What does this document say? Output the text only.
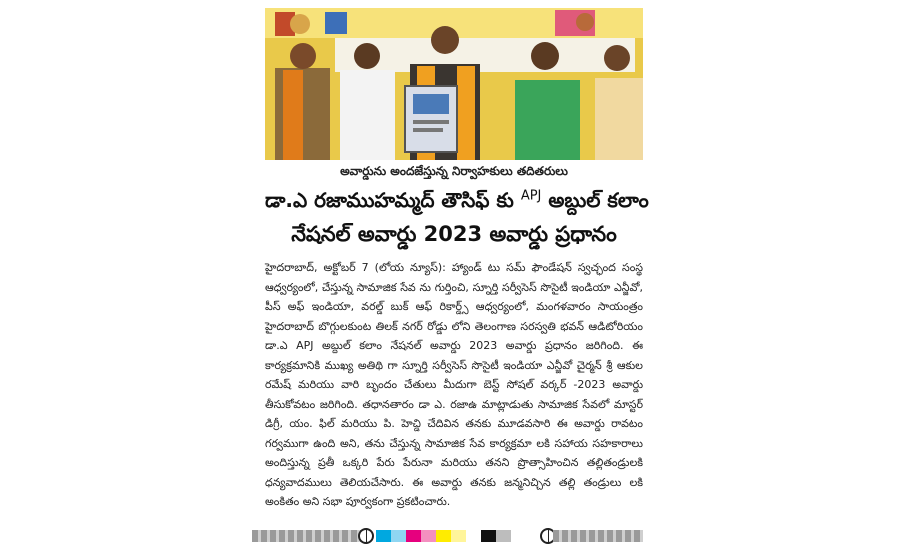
అవార్డును అందజేస్తున్న నిర్వాహకులు తదితరులు
డా.ఎ రజాముహమ్మద్ తౌసిఫ్ కు $^{APJ}$ అబ్దుల్ కలాం
నేషనల్ అవార్డు 2023 అవార్డు ప్రధానం
హైదరాబాద్, అక్టోబర్ 7 (లోయ న్యూస్): హ్యాండ్ టు సమ్ ఫౌండేషన్ స్వచ్ఛంద సంస్థ ఆధ్వర్యంలో, చేస్తున్న సామాజిక సేవ ను గుర్తించి, స్నూర్తి సర్వీసెస్ సొసైటీ ఇండియా ఎన్జీవో, పీస్ అఫ్ ఇండియా, వరల్డ్ బుక్ ఆఫ్ రికార్డ్స్ ఆధ్వర్యంలో, మంగళవారం సాయంత్రం హైదరాబాద్ బొగ్గులకుంట తిలక్ నగర్ రోడ్డు లోని తెలంగాణ సరస్వతి భవన్ ఆడిటోరియం డా.ఎ APJ అబ్దుల్ కలాం నేషనల్ అవార్డు 2023 అవార్డు ప్రధానం జరిగింది. ఈ కార్యక్రమానికి ముఖ్య అతిథి గా స్నూర్తి సర్వీసెస్ సొసైటీ ఇండియా ఎన్జీవో చైర్మన్ శ్రీ ఆకుల రమేష్ మరియు వారి బృందం చేతులు మీదుగా బెస్ట్ సోషల్ వర్కర్ -2023 అవార్డు తీసుకోవటం జరిగింది. తధానతారం డా ఎ. రజాఉ మాట్లాడుతు సామాజిక సేవలో మాస్టర్ డిగ్రీ, యం. ఫిల్ మరియు పి. హెచ్డి చేదివిన తనకు మూడవసారి ఈ అవార్డు రావటం గర్వముగా ఉంది అని, తను చేస్తున్న సామాజిక సేవ కార్యక్రమా లకి సహాయ సహకారాలు అందిస్తున్న ప్రతీ ఒక్కరి పేరు పేరునా మరియు తనని ప్రొత్సాహించిన తల్లితండ్రులకి ధన్యవాదములు తెలియచేసారు. ఈ అవార్డు తనకు జన్మనిచ్చిన తల్లి తండ్రులు లకి అంకితం అని సభా పూర్వకంగా ప్రకటించారు.
